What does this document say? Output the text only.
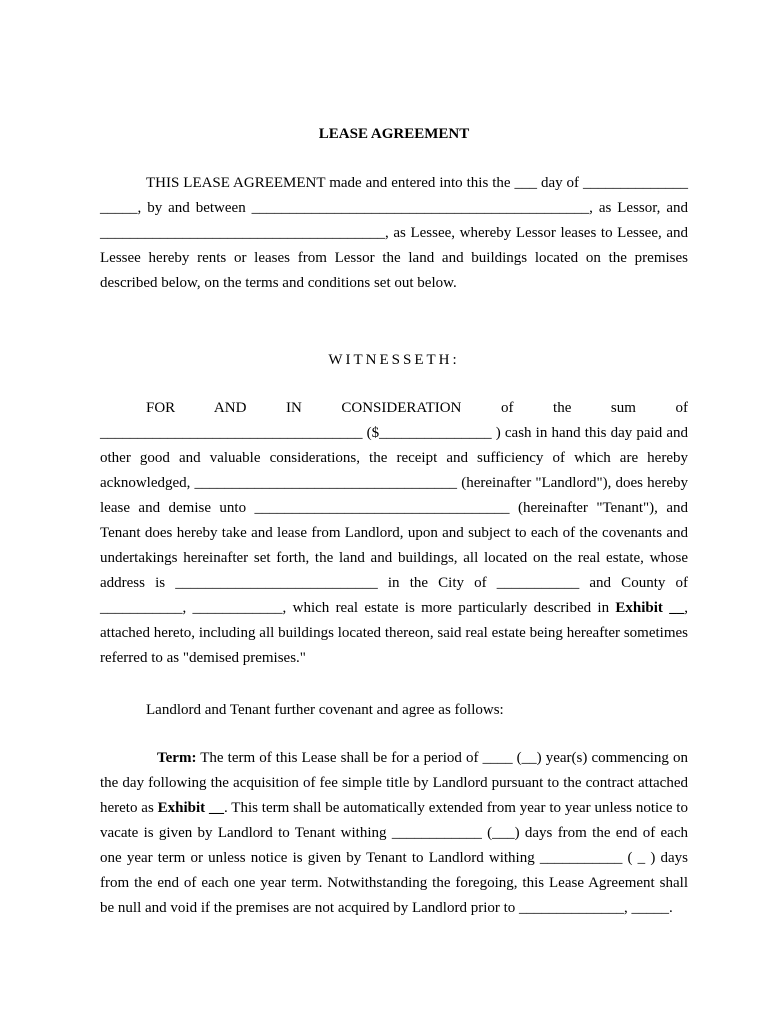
LEASE AGREEMENT

THIS LEASE AGREEMENT made and entered into this the ___ day of ______________ _____, by and between _____________________________________________, as Lessor, and ______________________________________, as Lessee, whereby Lessor leases to Lessee, and Lessee hereby rents or leases from Lessor the land and buildings located on the premises described below, on the terms and conditions set out below.

WITNESSETH:

FOR AND IN CONSIDERATION of the sum of ___________________________________ ($_______________ ) cash in hand this day paid and other good and valuable considerations, the receipt and sufficiency of which are hereby acknowledged, ___________________________________ (hereinafter "Landlord"), does hereby lease and demise unto __________________________________ (hereinafter "Tenant"), and Tenant does hereby take and lease from Landlord, upon and subject to each of the covenants and undertakings hereinafter set forth, the land and buildings, all located on the real estate, whose address is ___________________________ in the City of ___________ and County of ___________, ____________, which real estate is more particularly described in Exhibit __, attached hereto, including all buildings located thereon, said real estate being hereafter sometimes referred to as "demised premises."

Landlord and Tenant further covenant and agree as follows:

Term: The term of this Lease shall be for a period of ____ (__) year(s) commencing on the day following the acquisition of fee simple title by Landlord pursuant to the contract attached hereto as Exhibit __. This term shall be automatically extended from year to year unless notice to vacate is given by Landlord to Tenant withing ____________ (___) days from the end of each one year term or unless notice is given by Tenant to Landlord withing ___________ ( _ ) days from the end of each one year term. Notwithstanding the foregoing, this Lease Agreement shall be null and void if the premises are not acquired by Landlord prior to ______________, _____.
